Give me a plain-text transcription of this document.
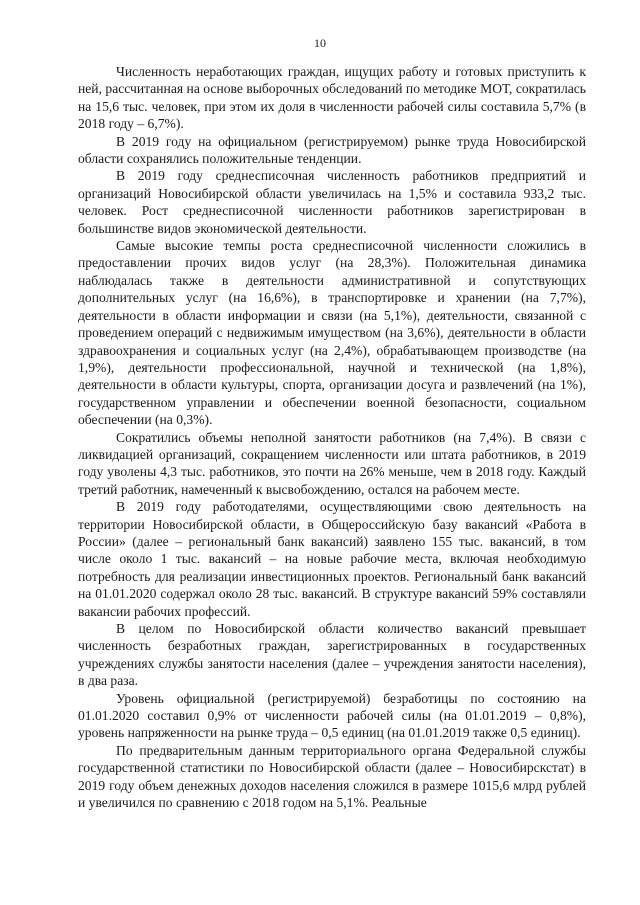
10

Численность неработающих граждан, ищущих работу и готовых приступить к ней, рассчитанная на основе выборочных обследований по методике МОТ, сократилась на 15,6 тыс. человек, при этом их доля в численности рабочей силы составила 5,7% (в 2018 году – 6,7%).

В 2019 году на официальном (регистрируемом) рынке труда Новосибирской области сохранялись положительные тенденции.

В 2019 году среднесписочная численность работников предприятий и организаций Новосибирской области увеличилась на 1,5% и составила 933,2 тыс. человек. Рост среднесписочной численности работников зарегистрирован в большинстве видов экономической деятельности.

Самые высокие темпы роста среднесписочной численности сложились в предоставлении прочих видов услуг (на 28,3%). Положительная динамика наблюдалась также в деятельности административной и сопутствующих дополнительных услуг (на 16,6%), в транспортировке и хранении (на 7,7%), деятельности в области информации и связи (на 5,1%), деятельности, связанной с проведением операций с недвижимым имуществом (на 3,6%), деятельности в области здравоохранения и социальных услуг (на 2,4%), обрабатывающем производстве (на 1,9%), деятельности профессиональной, научной и технической (на 1,8%), деятельности в области культуры, спорта, организации досуга и развлечений (на 1%), государственном управлении и обеспечении военной безопасности, социальном обеспечении (на 0,3%).

Сократились объемы неполной занятости работников (на 7,4%). В связи с ликвидацией организаций, сокращением численности или штата работников, в 2019 году уволены 4,3 тыс. работников, это почти на 26% меньше, чем в 2018 году. Каждый третий работник, намеченный к высвобождению, остался на рабочем месте.

В 2019 году работодателями, осуществляющими свою деятельность на территории Новосибирской области, в Общероссийскую базу вакансий «Работа в России» (далее – региональный банк вакансий) заявлено 155 тыс. вакансий, в том числе около 1 тыс. вакансий – на новые рабочие места, включая необходимую потребность для реализации инвестиционных проектов. Региональный банк вакансий на 01.01.2020 содержал около 28 тыс. вакансий. В структуре вакансий 59% составляли вакансии рабочих профессий.

В целом по Новосибирской области количество вакансий превышает численность безработных граждан, зарегистрированных в государственных учреждениях службы занятости населения (далее – учреждения занятости населения), в два раза.

Уровень официальной (регистрируемой) безработицы по состоянию на 01.01.2020 составил 0,9% от численности рабочей силы (на 01.01.2019 – 0,8%), уровень напряженности на рынке труда – 0,5 единиц (на 01.01.2019 также 0,5 единиц).

По предварительным данным территориального органа Федеральной службы государственной статистики по Новосибирской области (далее – Новосибирскстат) в 2019 году объем денежных доходов населения сложился в размере 1015,6 млрд рублей и увеличился по сравнению с 2018 годом на 5,1%. Реальные
